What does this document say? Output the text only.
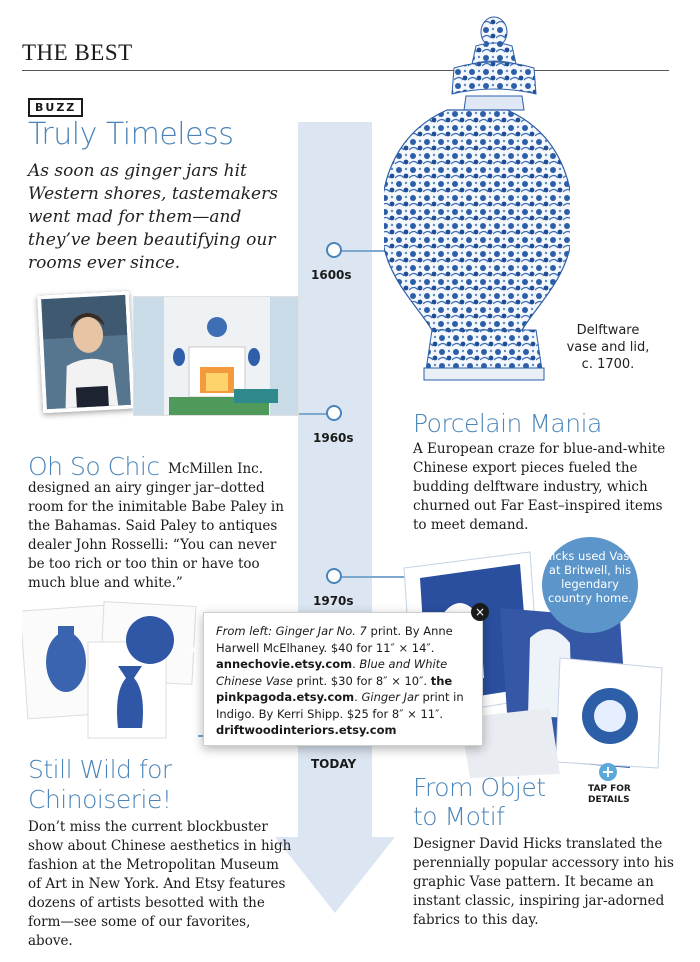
THE BEST
BUZZ
Truly Timeless
As soon as ginger jars hit Western shores, tastemakers went mad for them—and they’ve been beautifying our rooms ever since.
1600s
1960s
1970s
TODAY
Delftware vase and lid, c. 1700.
Porcelain Mania
A European craze for blue-and-white Chinese export pieces fueled the budding delftware industry, which churned out Far East–inspired items to meet demand.
Oh So Chic McMillen Inc. designed an airy ginger jar–dotted room for the inimitable Babe Paley in the Bahamas. Said Paley to antiques dealer John Rosselli: “You can never be too rich or too thin or have too much blue and white.”
Hicks used Vase at Britwell, his legendary country home.
+
TAP FOR DETAILS
From left: Ginger Jar No. 7 print. By Anne Harwell McElhaney. $40 for 11″ × 14″. annechovie.etsy.com. Blue and White Chinese Vase print. $30 for 8″ × 10″. the pinkpagoda.etsy.com. Ginger Jar print in Indigo. By Kerri Shipp. $25 for 8″ × 11″. driftwoodinteriors.etsy.com
×
Still Wild for
Chinoiserie!
Don’t miss the current blockbuster show about Chinese aesthetics in high fashion at the Metropolitan Museum of Art in New York. And Etsy features dozens of artists besotted with the form—see some of our favorites, above.
From Objet
to Motif
Designer David Hicks translated the perennially popular accessory into his graphic Vase pattern. It became an instant classic, inspiring jar-adorned fabrics to this day.
